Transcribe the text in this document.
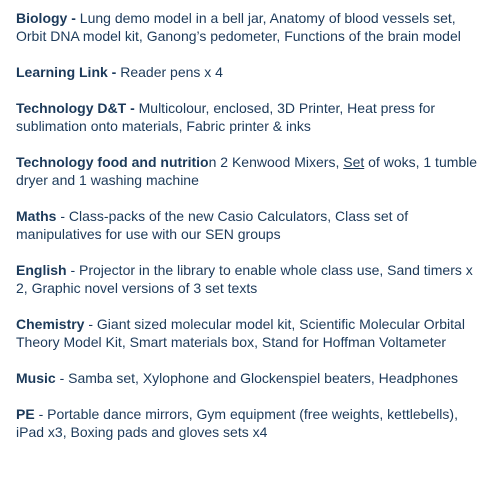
Biology - Lung demo model in a bell jar, Anatomy of blood vessels set, Orbit DNA model kit, Ganong’s pedometer, Functions of the brain model

Learning Link - Reader pens x 4

Technology D&T - Multicolour, enclosed, 3D Printer, Heat press for sublimation onto materials, Fabric printer & inks

Technology food and nutrition 2 Kenwood Mixers, Set of woks, 1 tumble dryer and 1 washing machine

Maths - Class-packs of the new Casio Calculators, Class set of manipulatives for use with our SEN groups

English - Projector in the library to enable whole class use, Sand timers x 2, Graphic novel versions of 3 set texts

Chemistry - Giant sized molecular model kit, Scientific Molecular Orbital Theory Model Kit, Smart materials box, Stand for Hoffman Voltameter

Music - Samba set, Xylophone and Glockenspiel beaters, Headphones

PE - Portable dance mirrors, Gym equipment (free weights, kettlebells), iPad x3, Boxing pads and gloves sets x4
